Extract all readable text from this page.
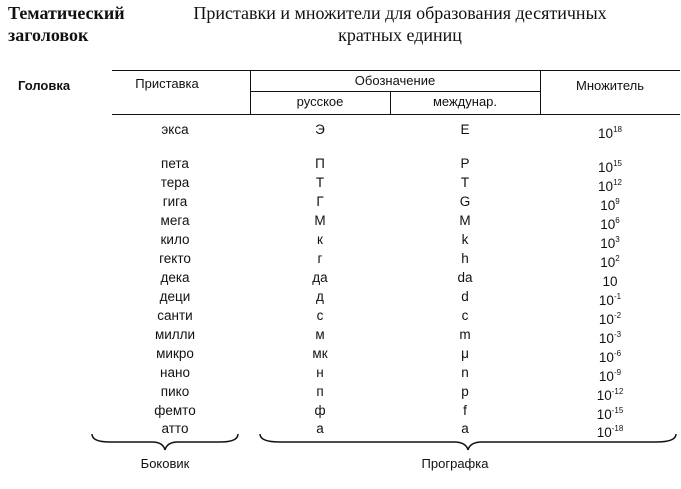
Тематический заголовок
Приставки и множители для образования десятичных кратных единиц
Головка	Приставка	Обозначение
русское	междунар.
Множитель
экса	Э	E	$10^{18}$
пета	П	P	$10^{15}$
тера	Т	T	$10^{12}$
гига	Г	G	$10^9$
мега	М	M	$10^6$
кило	к	k	$10^3$
гекто	г	h	$10^2$
дека	да	da	10
деци	д	d	$10^{-1}$
санти	с	c	$10^{-2}$
милли	м	m	$10^{-3}$
микро	мк	μ	$10^{-6}$
нано	н	n	$10^{-9}$
пико	п	p	$10^{-12}$
фемто	ф	f	$10^{-15}$
атто	а	a	$10^{-18}$
Боковик	Прографка
